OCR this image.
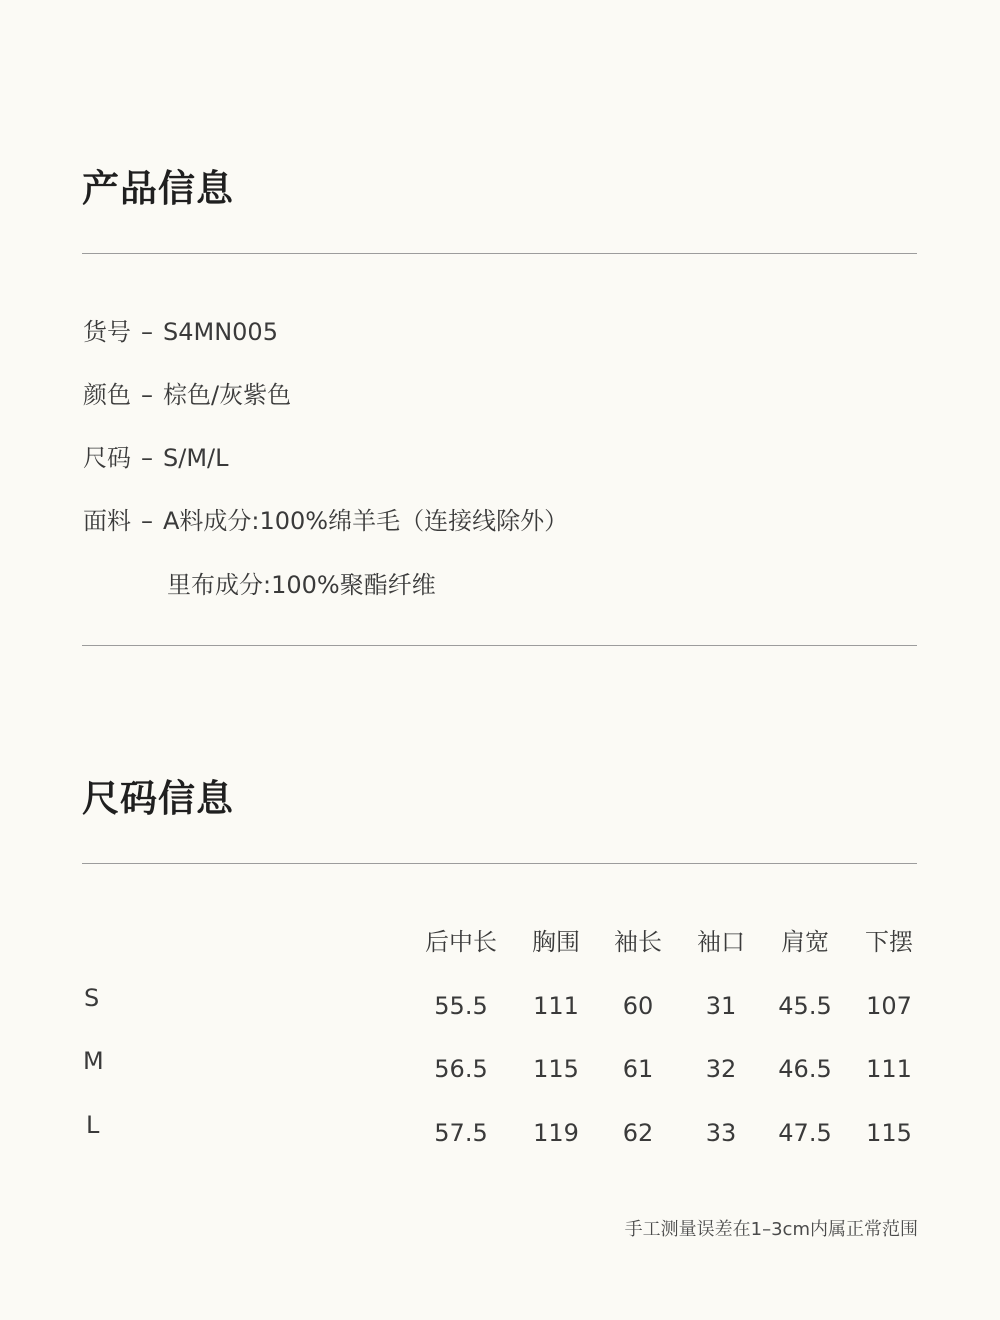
产品信息
货号 – S4MN005
颜色 – 棕色/灰紫色
尺码 – S/M/L
面料 – A料成分:100%绵羊毛（连接线除外）
里布成分:100%聚酯纤维
尺码信息
后中长 胸围 袖长 袖口 肩宽 下摆
S	55.5 111 60 31 45.5 107
M	56.5 115 61 32 46.5 111
L	57.5 119 62 33 47.5 115
手工测量误差在1–3cm内属正常范围
